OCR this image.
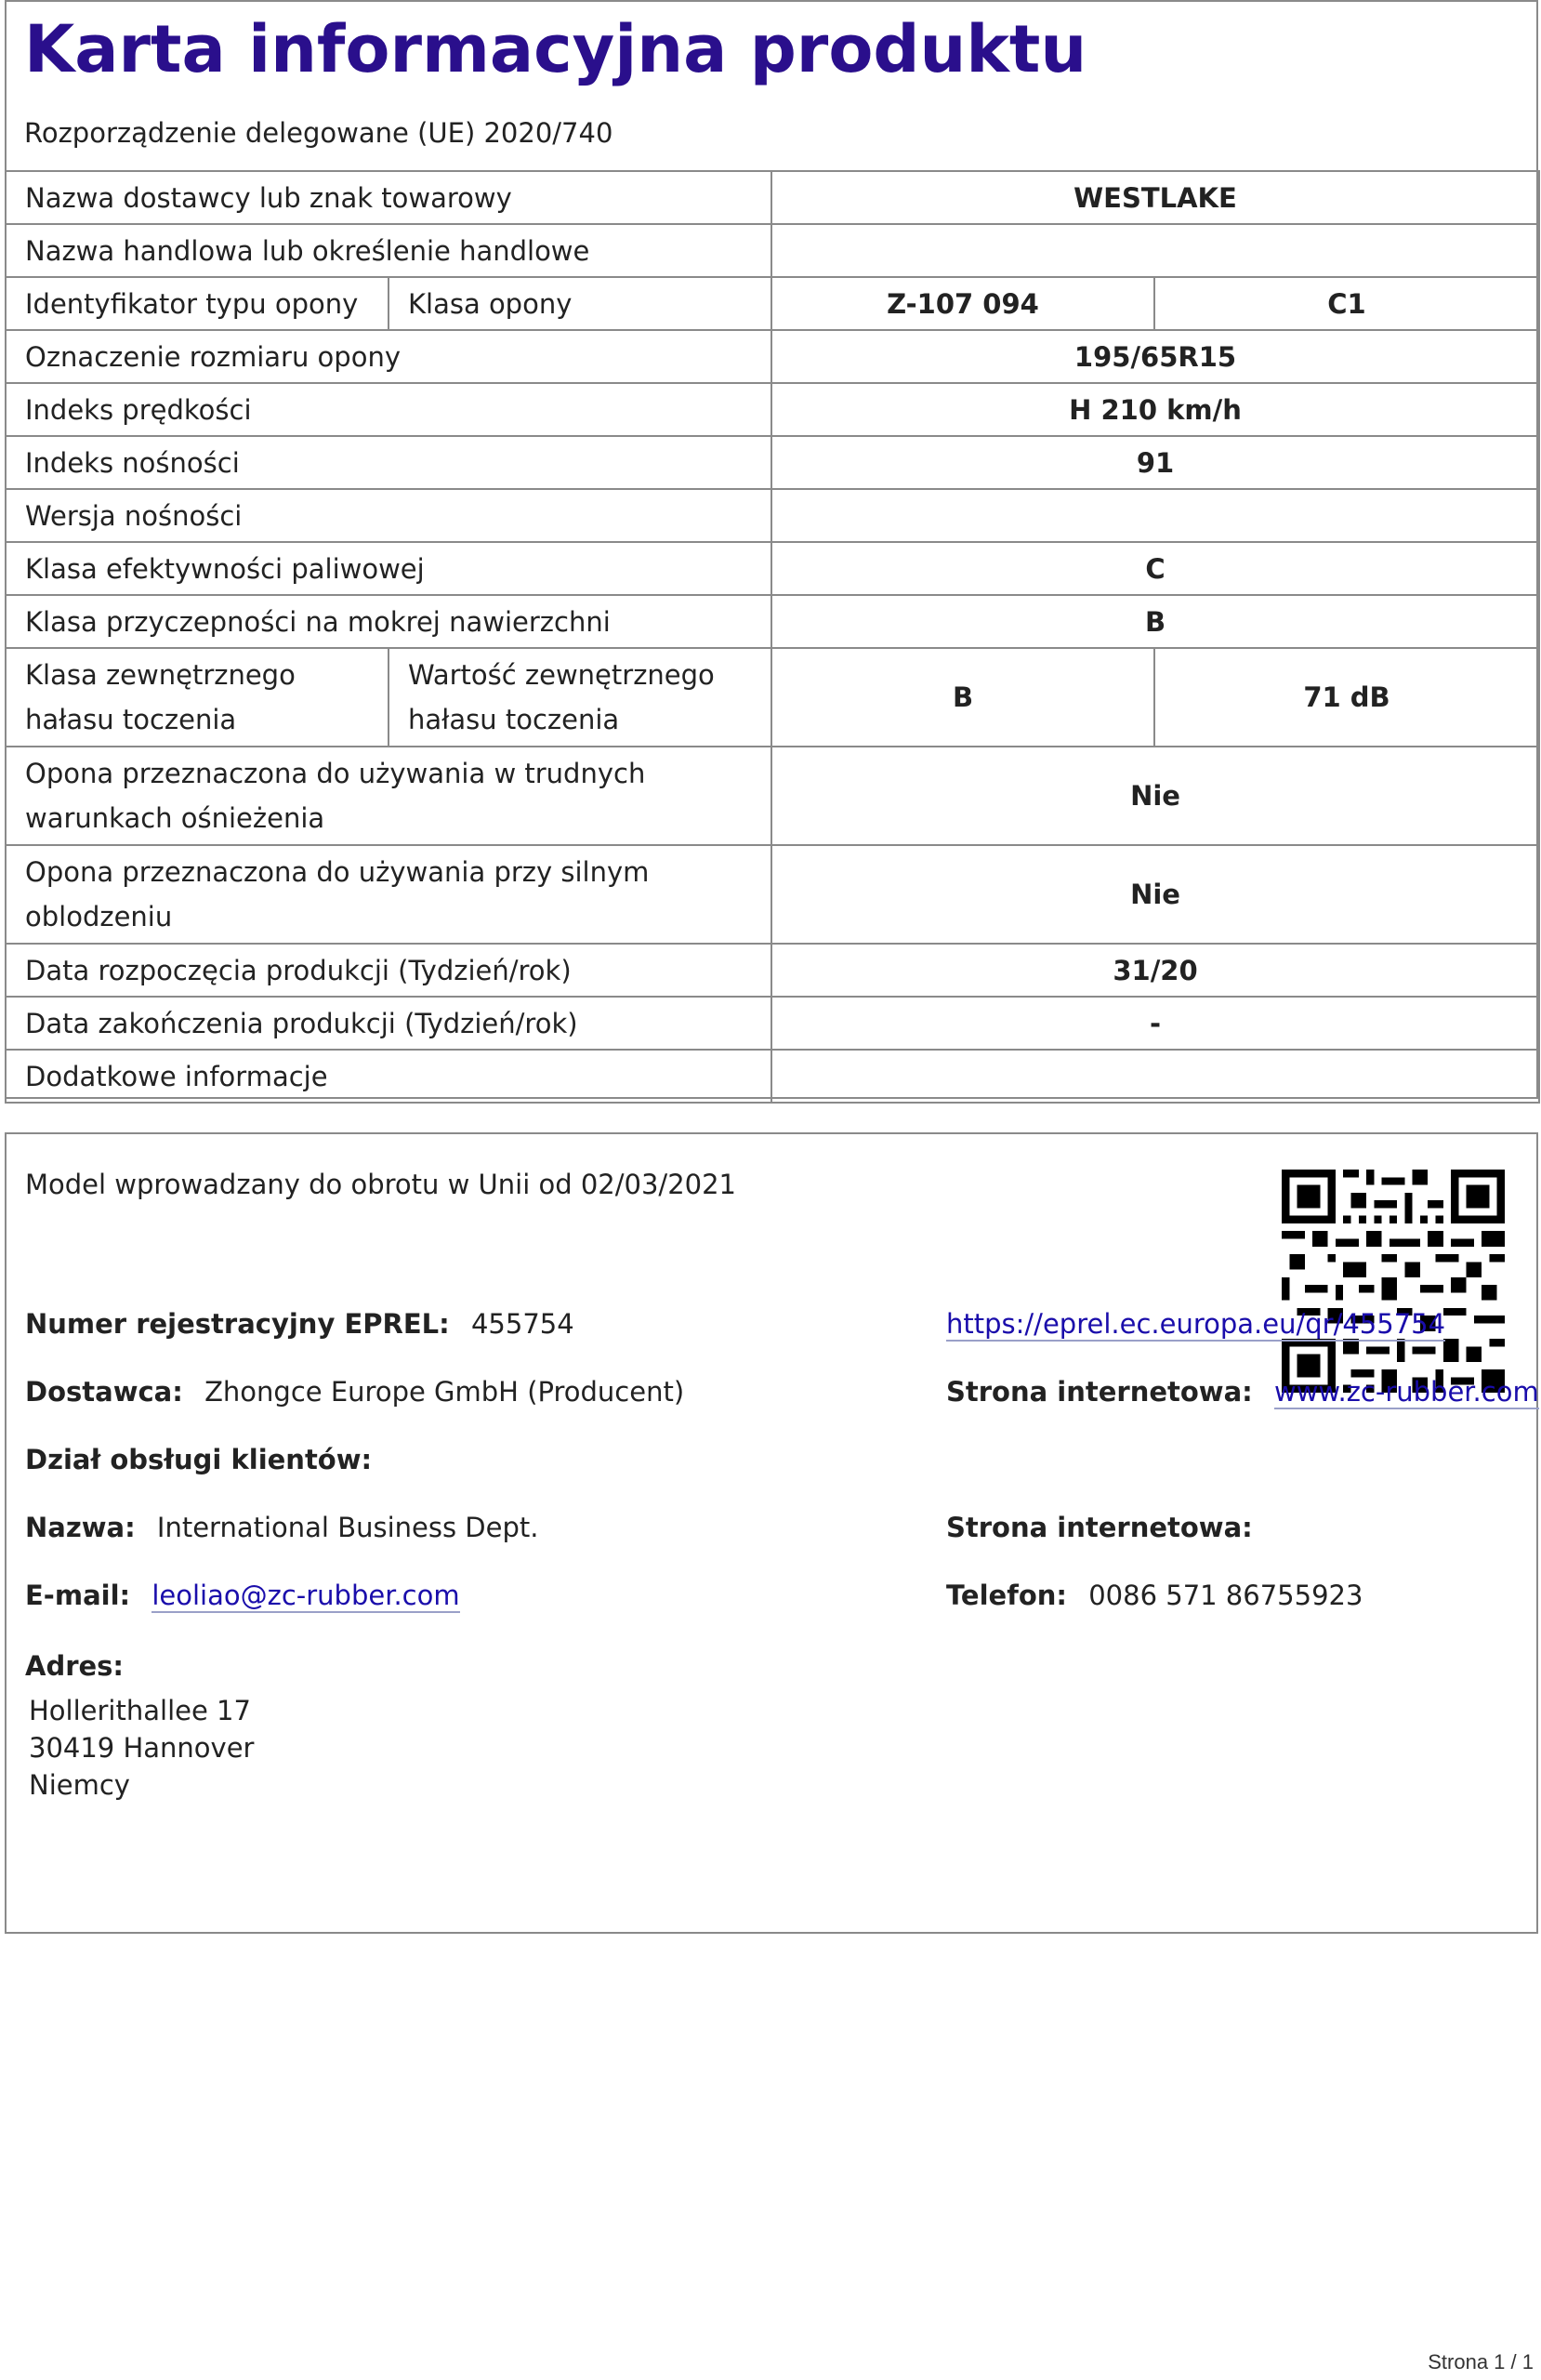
Karta informacyjna produktu
Rozporządzenie delegowane (UE) 2020/740
Nazwa dostawcy lub znak towarowy		WESTLAKE	
Nazwa handlowa lub określenie handlowe			
Identyfikator typu opony	Klasa opony	Z-107 094	C1
Oznaczenie rozmiaru opony		195/65R15	
Indeks prędkości		H 210 km/h	
Indeks nośności		91	
Wersja nośności			
Klasa efektywności paliwowej		C	
Klasa przyczepności na mokrej nawierzchni		B	
Klasa zewnętrznego hałasu toczenia	Wartość zewnętrznego hałasu toczenia	B	71 dB
Opona przeznaczona do używania w trudnych warunkach ośnieżenia		Nie	
Opona przeznaczona do używania przy silnym oblodzeniu		Nie	
Data rozpoczęcia produkcji (Tydzień/rok)		31/20	
Data zakończenia produkcji (Tydzień/rok)		-	
Dodatkowe informacje			
Model wprowadzany do obrotu w Unii od 02/03/2021
Numer rejestracyjny EPREL: 455754	https://eprel.ec.europa.eu/qr/455754
Dostawca: Zhongce Europe GmbH (Producent)	Strona internetowa: www.zc-rubber.com
Dział obsługi klientów:
Nazwa: International Business Dept.	Strona internetowa:
E-mail: leoliao@zc-rubber.com	Telefon: 0086 571 86755923
Adres:
Hollerithallee 17
30419 Hannover
Niemcy
Strona 1 / 1
